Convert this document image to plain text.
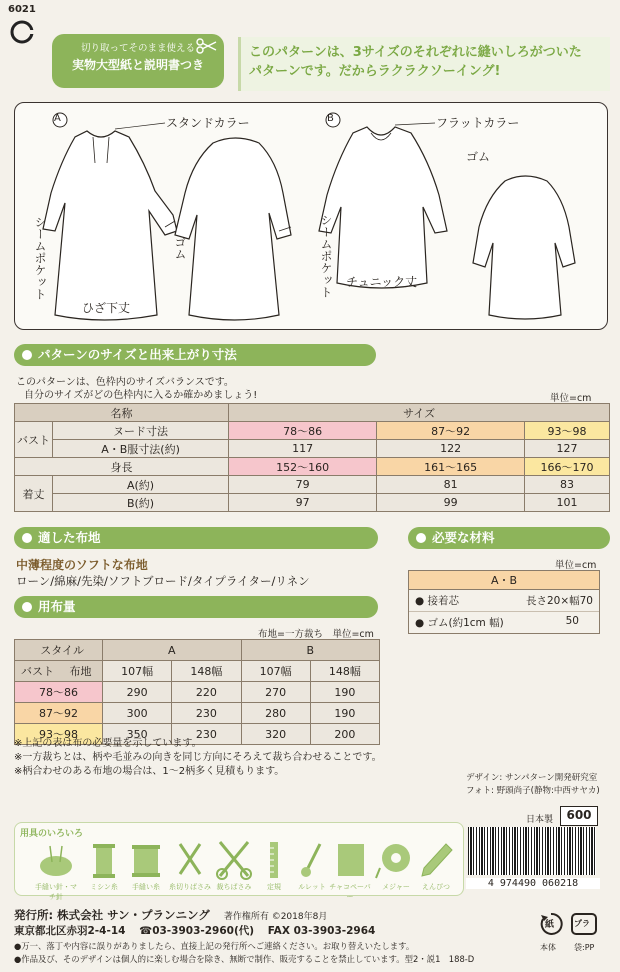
6021
切り取ってそのまま使える
実物大型紙と説明書つき
このパターンは、3サイズのそれぞれに縫いしろがついた
パターンです。だからラクラクソーイング!
A	B
スタンドカラー	フラットカラー
ゴム
ゴム
シームポケット	シームポケット
ひざ下丈
チュニック丈
パターンのサイズと出来上がり寸法
このパターンは、色枠内のサイズバランスです。
自分のサイズがどの色枠内に入るか確かめましょう!	単位=cm
名称		サイズ		
バスト	ヌード寸法	78〜86	87〜92	93〜98
	A・B服寸法(約)	117	122	127
身長		152〜160	161〜165	166〜170
着丈	A(約)	79	81	83
	B(約)	97	99	101
適した布地
中薄程度のソフトな布地
ローン/綿麻/先染/ソフトブロード/タイプライター/リネン
必要な材料
単位=cm
A・B
● 接着芯	長さ20×幅70
● ゴム(約1cm 幅)	50
用布量
布地=一方裁ち　単位=cm
スタイル	A		B	
バスト 布地	107幅	148幅	107幅	148幅
78〜86	290	220	270	190
87〜92	300	230	280	190
93〜98	350	230	320	200
※上記の表は布の必要量を示しています。
※一方裁ちとは、柄や毛並みの向きを同じ方向にそろえて裁ち合わせることです。
※柄合わせのある布地の場合は、1〜2柄多く見積もります。
デザイン: サンパターン開発研究室
フォト: 野頭尚子(静物:中西サヤカ)
日本製	600
用具のいろいろ
手縫い針・マチ針
ミシン糸	手縫い糸	糸切りばさみ 裁ちばさみ	定規	ルレット チャコペーパー
メジャー	えんぴつ	4 974490 060218
発行所: 株式会社 サン・プランニング 著作権所有 ©2018年8月
東京都北区赤羽2-4-14 ☎03-3903-2960(代) FAX 03-3903-2964
●万一、落丁や内容に誤りがありましたら、直接上記の発行所へご連絡ください。お取り替えいたします。
●作品及び、そのデザインは個人的に楽しむ場合を除き、無断で制作、販売することを禁止しています。型2・説1　188-D
紙
本体
プラ
袋:PP
